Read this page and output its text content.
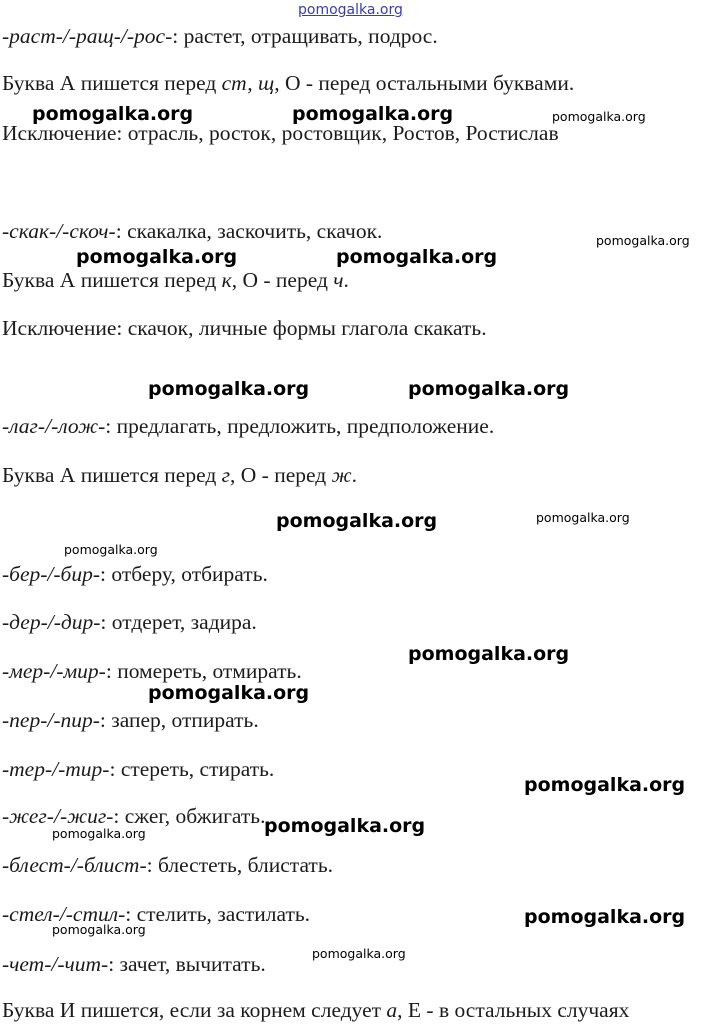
pomogalka.org
pomogalka.org	pomogalka.org	pomogalka.org
pomogalka.org
pomogalka.org	pomogalka.org
pomogalka.org	pomogalka.org
pomogalka.org	pomogalka.org
pomogalka.org
pomogalka.org
pomogalka.org
pomogalka.org
pomogalka.org
pomogalka.org
pomogalka.org
pomogalka.org
pomogalka.org
-раст-/-ращ-/-рос-: растет, отращивать, подрос.
Буква А пишется перед ст, щ, О - перед остальными буквами.
Исключение: отрасль, росток, ростовщик, Ростов, Ростислав
-скак-/-скоч-: скакалка, заскочить, скачок.
Буква А пишется перед к, О - перед ч.
Исключение: скачок, личные формы глагола скакать.
-лаг-/-лож-: предлагать, предложить, предположение.
Буква А пишется перед г, О - перед ж.
-бер-/-бир-: отберу, отбирать.
-дер-/-дир-: отдерет, задира.
-мер-/-мир-: помереть, отмирать.
-пер-/-пир-: запер, отпирать.
-тер-/-тир-: стереть, стирать.
-жег-/-жиг-: сжег, обжигать.
-блест-/-блист-: блестеть, блистать.
-стел-/-стил-: стелить, застилать.
-чет-/-чит-: зачет, вычитать.
Буква И пишется, если за корнем следует а, Е - в остальных случаях
